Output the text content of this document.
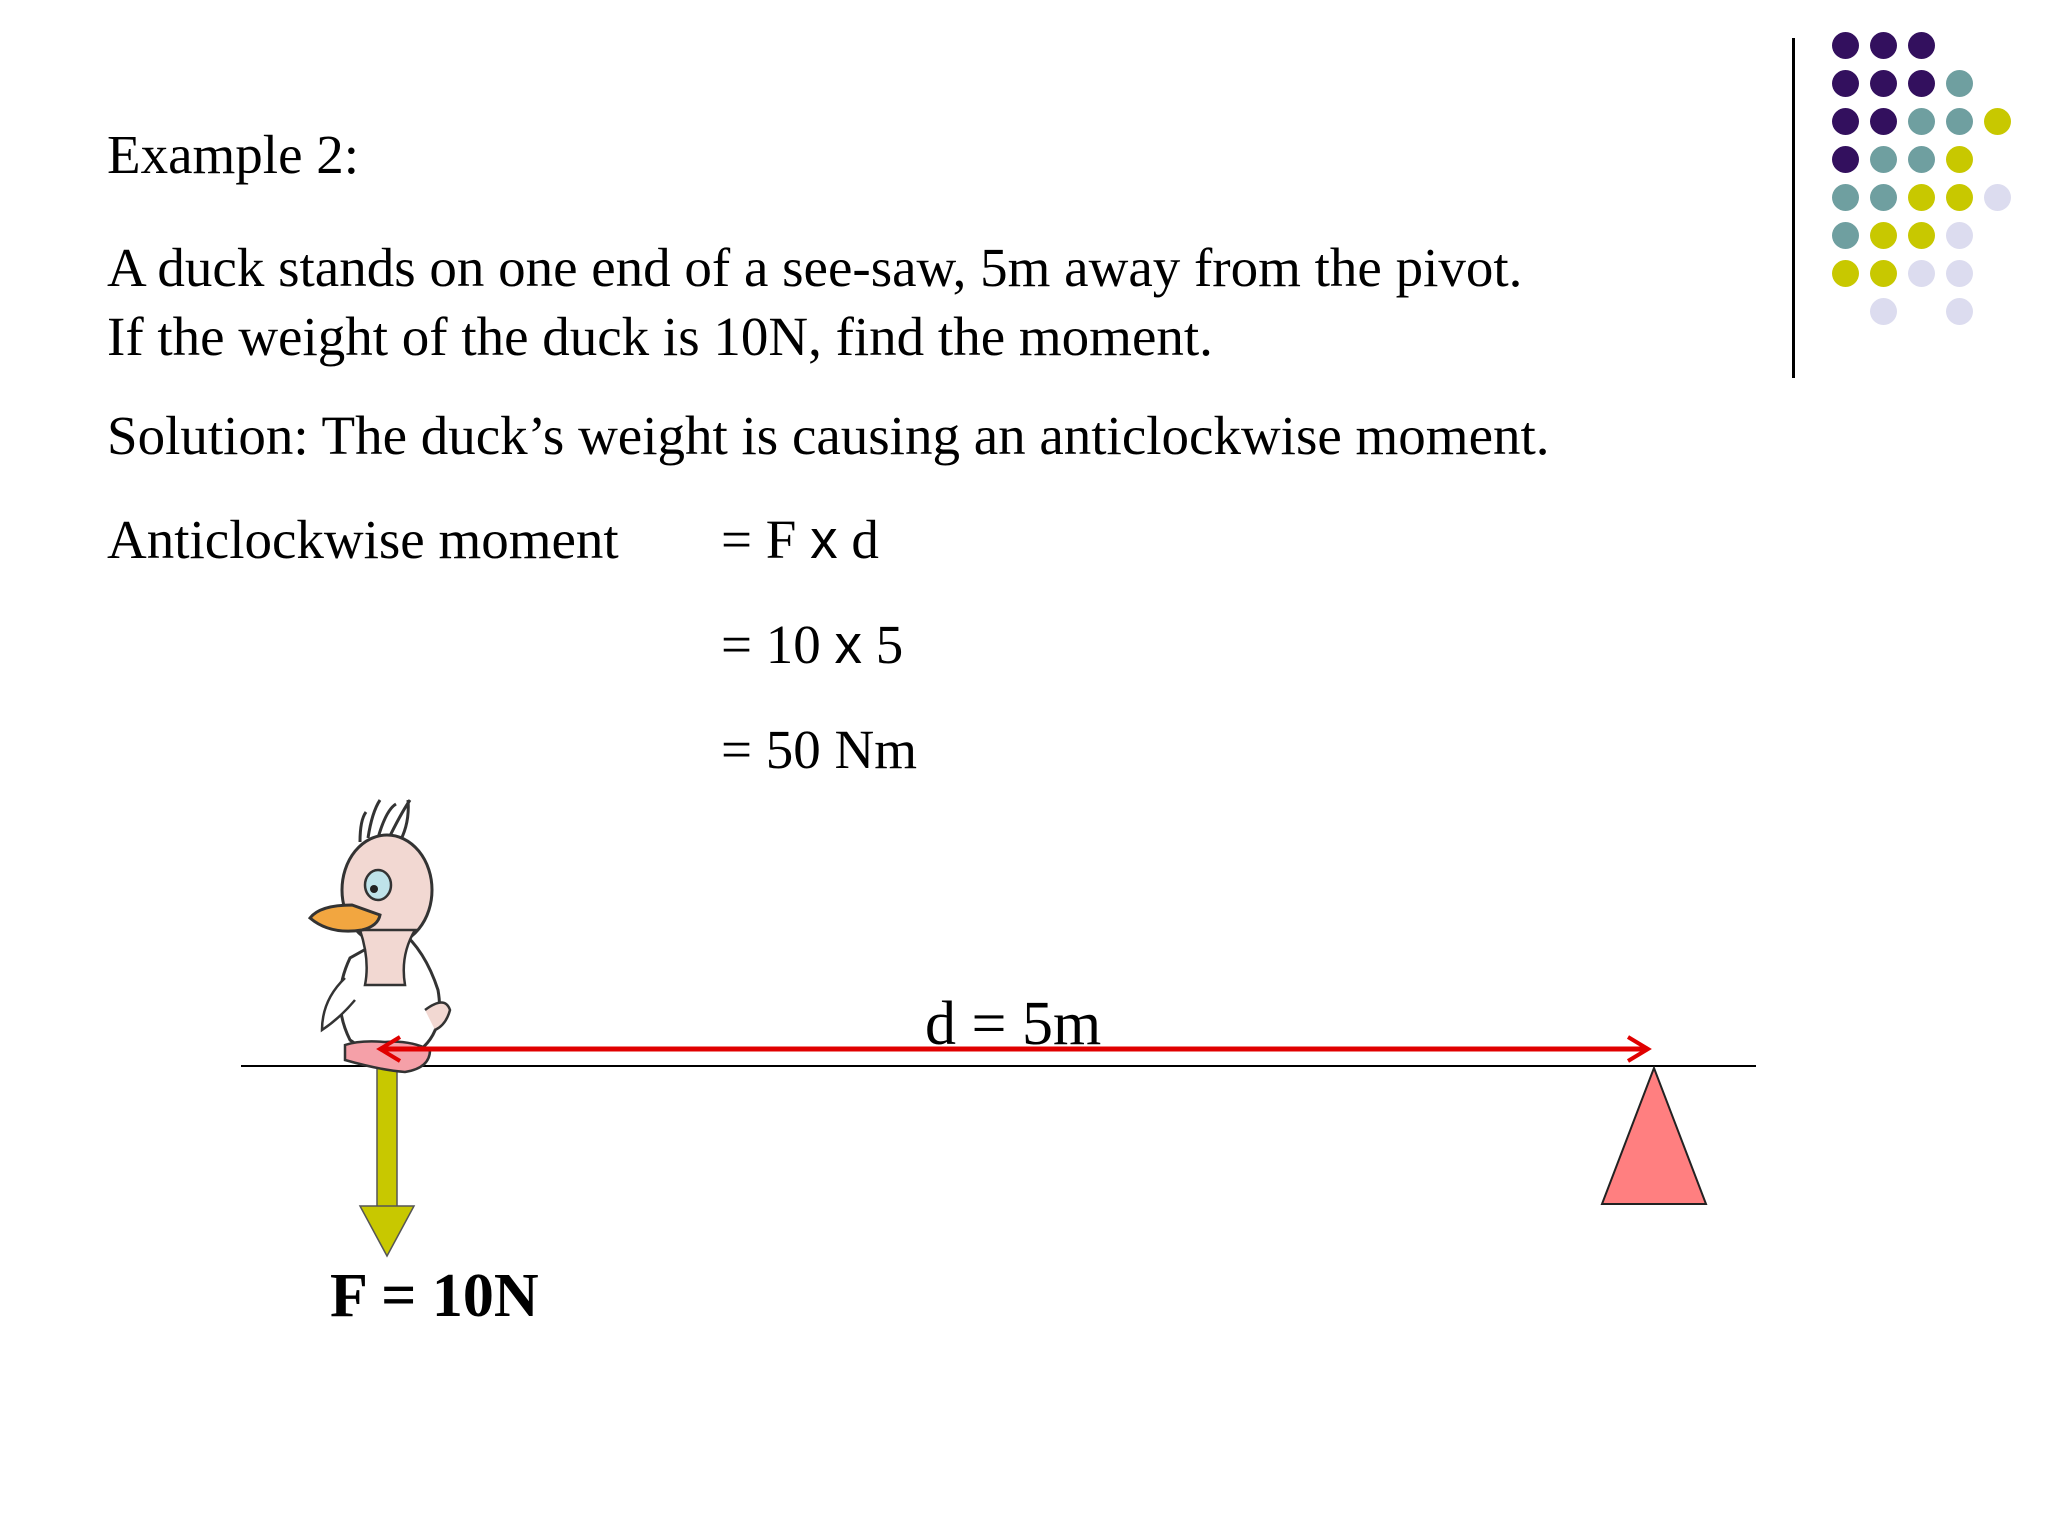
Example 2:
A duck stands on one end of a see-saw, 5m away from the pivot.
If the weight of the duck is 10N, find the moment.
Solution: The duck’s weight is causing an anticlockwise moment.
Anticlockwise moment = F x d
= 10 x 5
= 50 Nm
d = 5m
F = 10N
